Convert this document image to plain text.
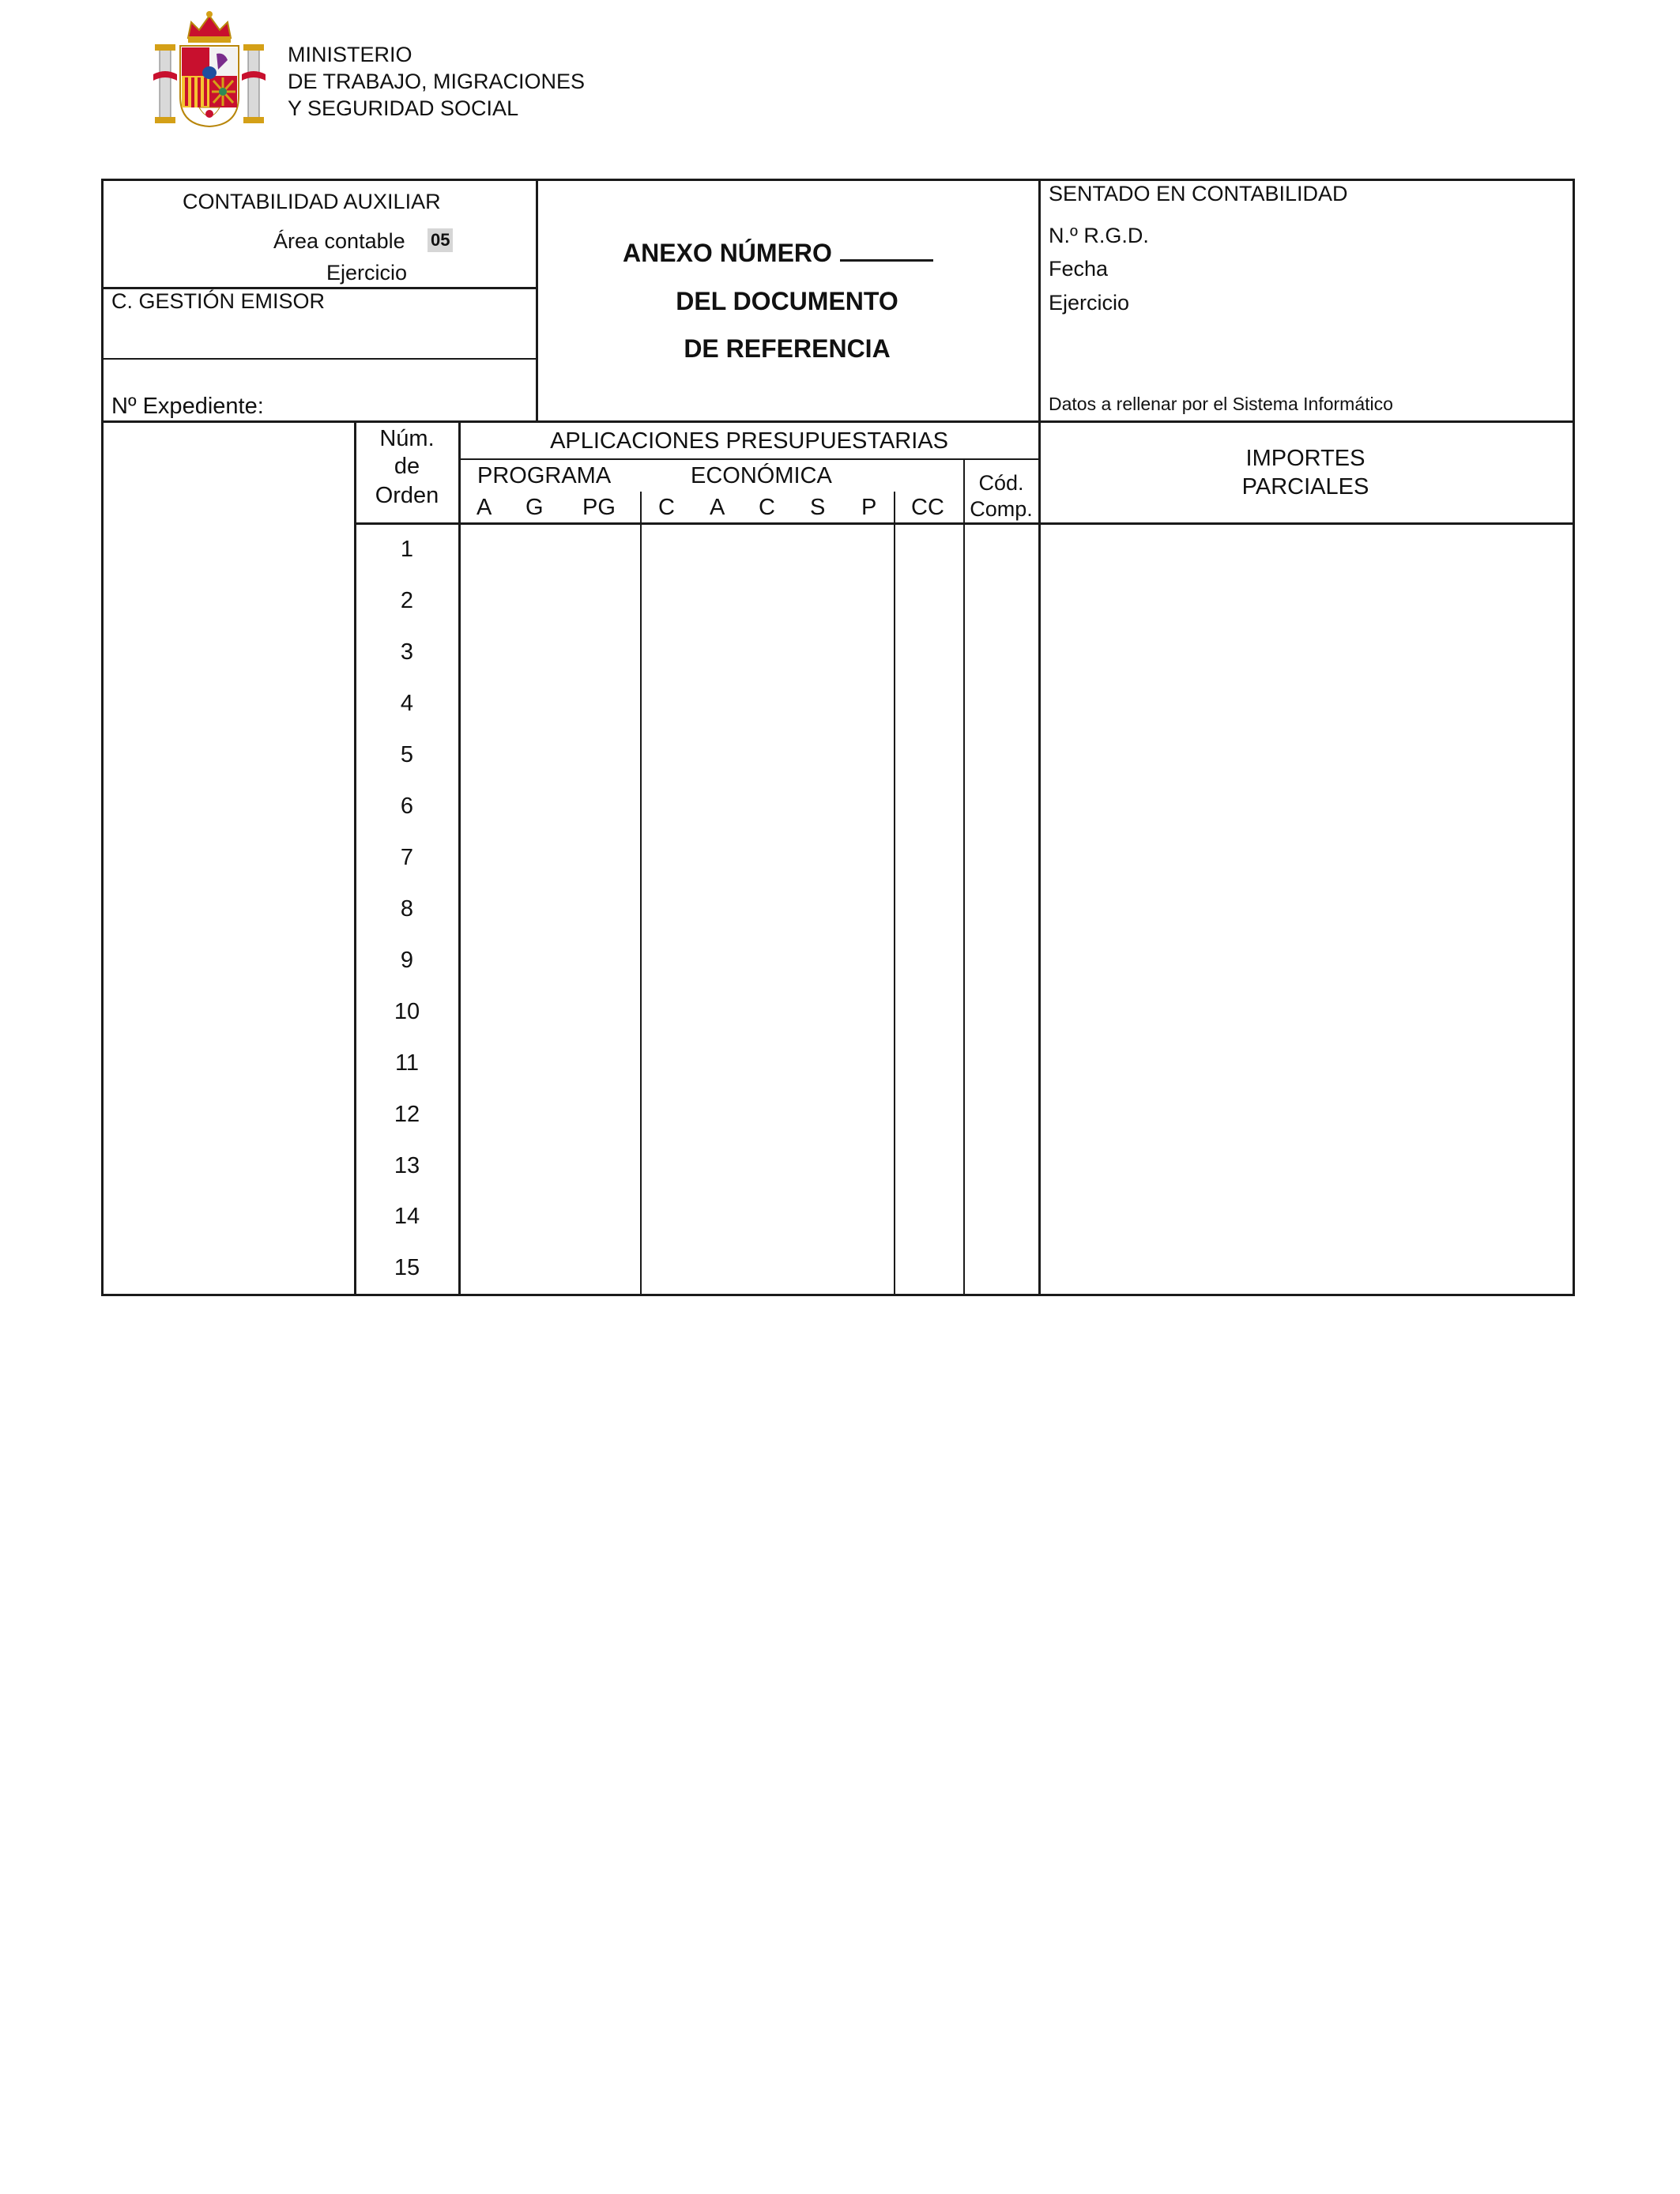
MINISTERIO
DE TRABAJO, MIGRACIONES
Y SEGURIDAD SOCIAL
CONTABILIDAD AUXILIAR
Área contable 05
Ejercicio
C. GESTIÓN EMISOR
Nº Expediente:
ANEXO NÚMERO
DEL DOCUMENTO
DE REFERENCIA
SENTADO EN CONTABILIDAD
N.º R.G.D.
Fecha
Ejercicio
Datos a rellenar por el Sistema Informático
Núm.
de
Orden
APLICACIONES PRESUPUESTARIAS
PROGRAMA	ECONÓMICA
A G PG C A C S P CC
Cód.
Comp.
IMPORTES
PARCIALES
1
2
3
4
5
6
7
8
9
10
11
12
13
14
15
